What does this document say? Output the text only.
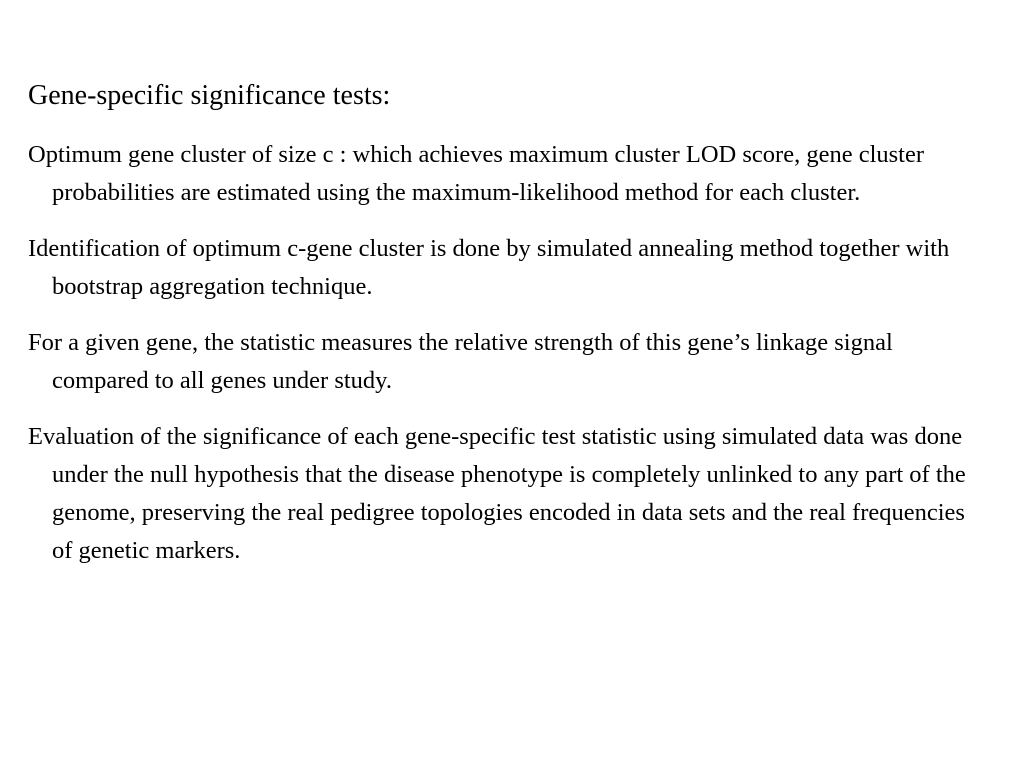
Gene-specific significance tests:

Optimum gene cluster of size c : which achieves maximum cluster LOD score, gene cluster probabilities are estimated using the maximum-likelihood method for each cluster.

Identification of optimum c-gene cluster is done by simulated annealing method together with bootstrap aggregation technique.

For a given gene, the statistic measures the relative strength of this gene’s linkage signal compared to all genes under study.

Evaluation of the significance of each gene-specific test statistic using simulated data was done under the null hypothesis that the disease phenotype is completely unlinked to any part of the genome, preserving the real pedigree topologies encoded in data sets and the real frequencies of genetic markers.
